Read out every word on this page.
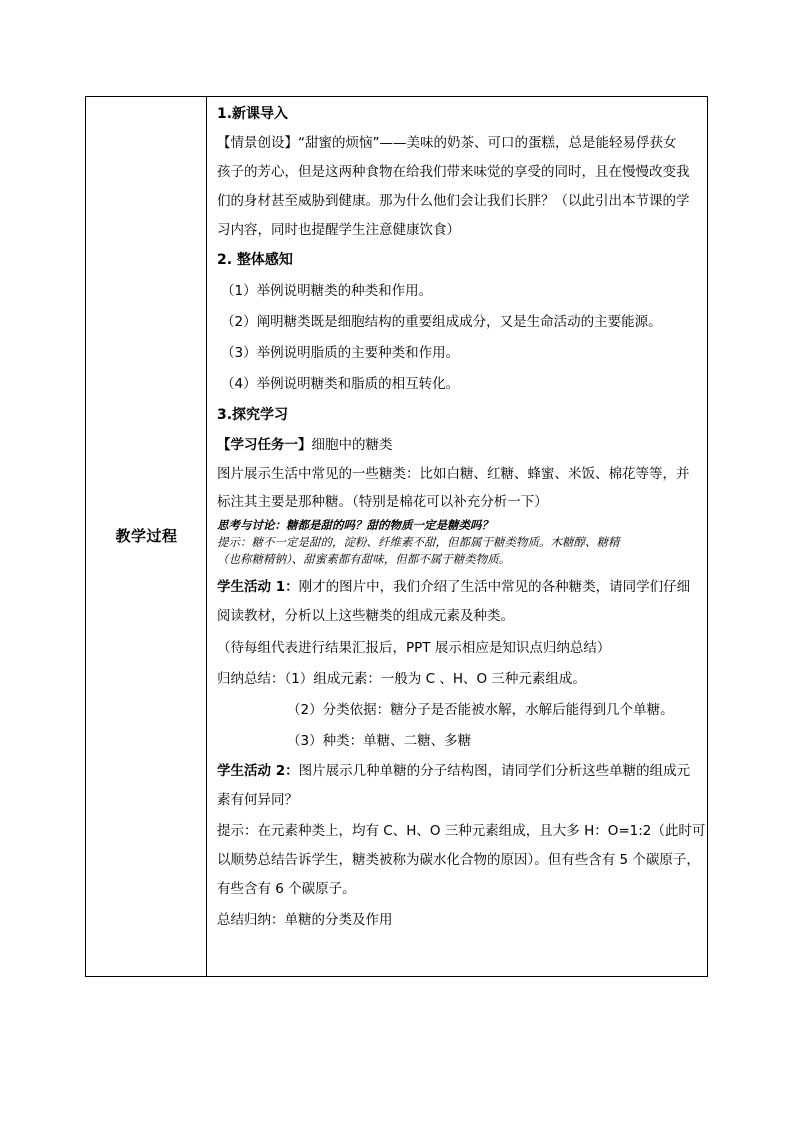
教学过程
1.新课导入
【情景创设】“甜蜜的烦恼”——美味的奶茶、可口的蛋糕，总是能轻易俘获女
孩子的芳心，但是这两种食物在给我们带来味觉的享受的同时，且在慢慢改变我
们的身材甚至威胁到健康。那为什么他们会让我们长胖？（以此引出本节课的学
习内容，同时也提醒学生注意健康饮食）
2. 整体感知
（1）举例说明糖类的种类和作用。
（2）阐明糖类既是细胞结构的重要组成成分，又是生命活动的主要能源。
（3）举例说明脂质的主要种类和作用。
（4）举例说明糖类和脂质的相互转化。
3.探究学习
【学习任务一】细胞中的糖类
图片展示生活中常见的一些糖类：比如白糖、红糖、蜂蜜、米饭、棉花等等，并
标注其主要是那种糖。（特别是棉花可以补充分析一下）
思考与讨论：糖都是甜的吗？甜的物质一定是糖类吗？
提示：糖不一定是甜的，淀粉、纤维素不甜，但都属于糖类物质。木糖醇、糖精
（也称糖精钠）、甜蜜素都有甜味，但都不属于糖类物质。
学生活动 1：刚才的图片中，我们介绍了生活中常见的各种糖类，请同学们仔细
阅读教材，分析以上这些糖类的组成元素及种类。
（待每组代表进行结果汇报后，PPT 展示相应是知识点归纳总结）
归纳总结：（1）组成元素：一般为 C 、H、O 三种元素组成。
（2）分类依据：糖分子是否能被水解，水解后能得到几个单糖。
（3）种类：单糖、二糖、多糖
学生活动 2：图片展示几种单糖的分子结构图，请同学们分析这些单糖的组成元
素有何异同？
提示：在元素种类上，均有 C、H、O 三种元素组成，且大多 H：O=1:2（此时可
以顺势总结告诉学生，糖类被称为碳水化合物的原因）。但有些含有 5 个碳原子，
有些含有 6 个碳原子。
总结归纳：单糖的分类及作用
